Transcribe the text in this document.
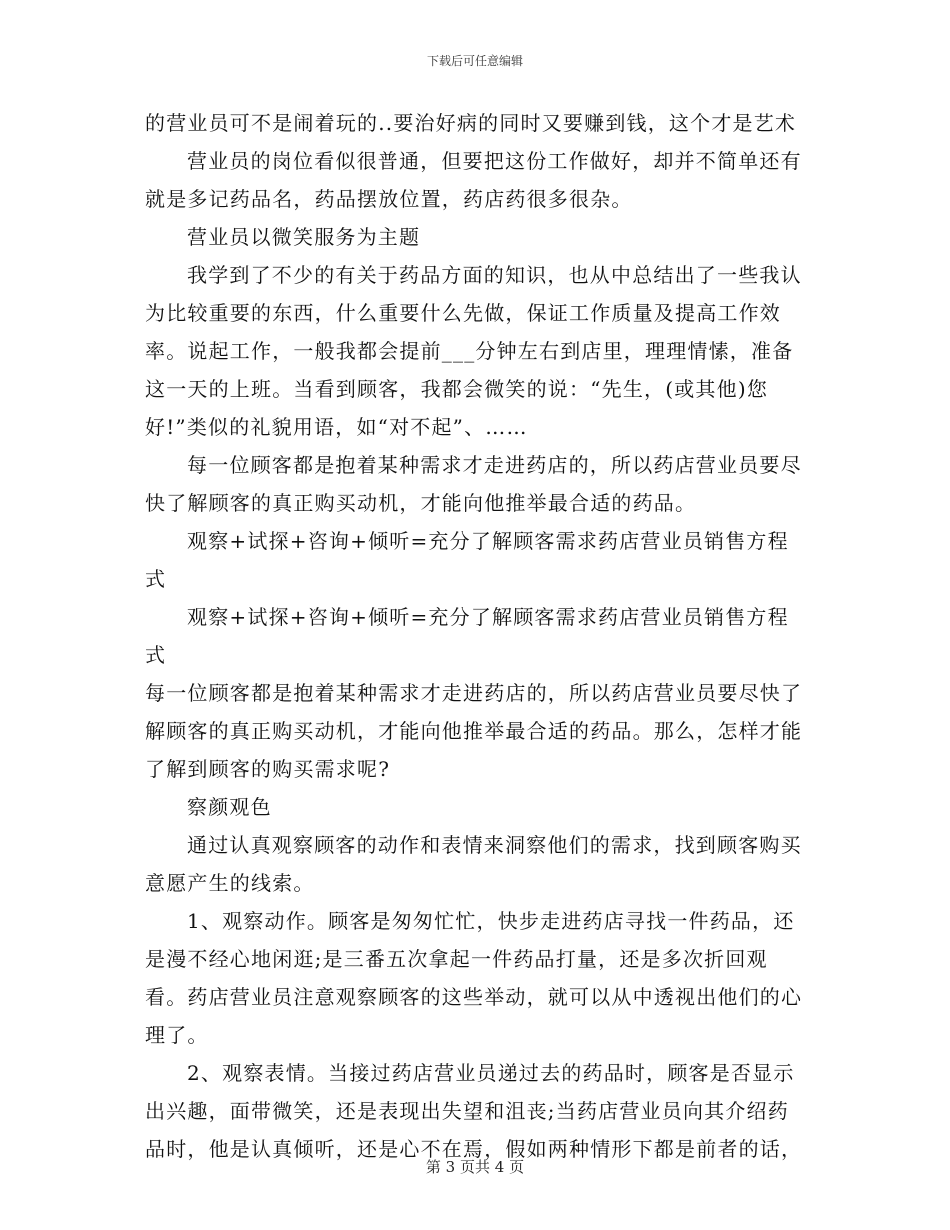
下载后可任意编辑

的营业员可不是闹着玩的..要治好病的同时又要赚到钱，这个才是艺术

营业员的岗位看似很普通，但要把这份工作做好，却并不简单还有就是多记药品名，药品摆放位置，药店药很多很杂。

营业员以微笑服务为主题

我学到了不少的有关于药品方面的知识，也从中总结出了一些我认为比较重要的东西，什么重要什么先做，保证工作质量及提高工作效率。说起工作，一般我都会提前___分钟左右到店里，理理情愫，准备这一天的上班。当看到顾客，我都会微笑的说：“先生，(或其他)您好!”类似的礼貌用语，如“对不起”、……

每一位顾客都是抱着某种需求才走进药店的，所以药店营业员要尽快了解顾客的真正购买动机，才能向他推举最合适的药品。

观察+试探+咨询+倾听=充分了解顾客需求药店营业员销售方程式

观察+试探+咨询+倾听=充分了解顾客需求药店营业员销售方程式

每一位顾客都是抱着某种需求才走进药店的，所以药店营业员要尽快了解顾客的真正购买动机，才能向他推举最合适的药品。那么，怎样才能了解到顾客的购买需求呢?

察颜观色

通过认真观察顾客的动作和表情来洞察他们的需求，找到顾客购买意愿产生的线索。

1、观察动作。顾客是匆匆忙忙，快步走进药店寻找一件药品，还是漫不经心地闲逛;是三番五次拿起一件药品打量，还是多次折回观看。药店营业员注意观察顾客的这些举动，就可以从中透视出他们的心理了。

2、观察表情。当接过药店营业员递过去的药品时，顾客是否显示出兴趣，面带微笑，还是表现出失望和沮丧;当药店营业员向其介绍药品时，他是认真倾听，还是心不在焉，假如两种情形下都是前者的话，

第 3 页共 4 页
